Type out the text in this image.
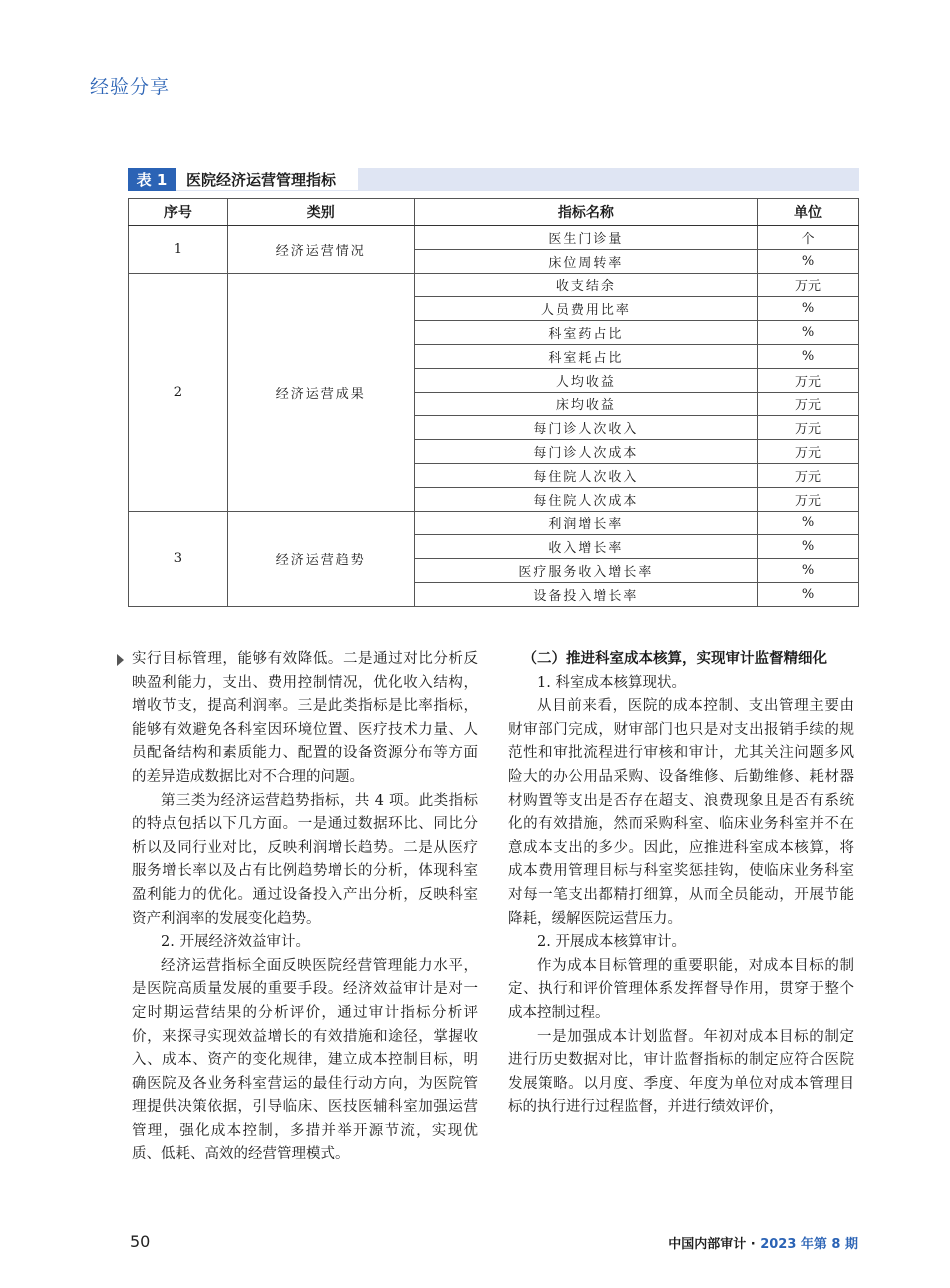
经验分享
表 1	医院经济运营管理指标
序号	类别	指标名称	单位
1	经济运营情况	医生门诊量	个
		床位周转率	%
2	经济运营成果	收支结余	万元
		人员费用比率	%
		科室药占比	%
		科室耗占比	%
		人均收益	万元
		床均收益	万元
		每门诊人次收入	万元
		每门诊人次成本	万元
		每住院人次收入	万元
		每住院人次成本	万元
3	经济运营趋势	利润增长率	%
		收入增长率	%
		医疗服务收入增长率	%
		设备投入增长率	%

实行目标管理，能够有效降低。二是通过对比分析反映盈利能力，支出、费用控制情况，优化收入结构，增收节支，提高利润率。三是此类指标是比率指标，能够有效避免各科室因环境位置、医疗技术力量、人员配备结构和素质能力、配置的设备资源分布等方面的差异造成数据比对不合理的问题。

第三类为经济运营趋势指标，共 4 项。此类指标的特点包括以下几方面。一是通过数据环比、同比分析以及同行业对比，反映利润增长趋势。二是从医疗服务增长率以及占有比例趋势增长的分析，体现科室盈利能力的优化。通过设备投入产出分析，反映科室资产利润率的发展变化趋势。

2. 开展经济效益审计。

经济运营指标全面反映医院经营管理能力水平，是医院高质量发展的重要手段。经济效益审计是对一定时期运营结果的分析评价，通过审计指标分析评价，来探寻实现效益增长的有效措施和途径，掌握收入、成本、资产的变化规律，建立成本控制目标，明确医院及各业务科室营运的最佳行动方向，为医院管理提供决策依据，引导临床、医技医辅科室加强运营管理，强化成本控制，多措并举开源节流，实现优质、低耗、高效的经营管理模式。

（二）推进科室成本核算，实现审计监督精细化

1. 科室成本核算现状。

从目前来看，医院的成本控制、支出管理主要由财审部门完成，财审部门也只是对支出报销手续的规范性和审批流程进行审核和审计，尤其关注问题多风险大的办公用品采购、设备维修、后勤维修、耗材器材购置等支出是否存在超支、浪费现象且是否有系统化的有效措施，然而采购科室、临床业务科室并不在意成本支出的多少。因此，应推进科室成本核算，将成本费用管理目标与科室奖惩挂钩，使临床业务科室对每一笔支出都精打细算，从而全员能动，开展节能降耗，缓解医院运营压力。

2. 开展成本核算审计。

作为成本目标管理的重要职能，对成本目标的制定、执行和评价管理体系发挥督导作用，贯穿于整个成本控制过程。

一是加强成本计划监督。年初对成本目标的制定进行历史数据对比，审计监督指标的制定应符合医院发展策略。以月度、季度、年度为单位对成本管理目标的执行进行过程监督，并进行绩效评价，

50	中国内部审计 · 2023 年第 8 期
